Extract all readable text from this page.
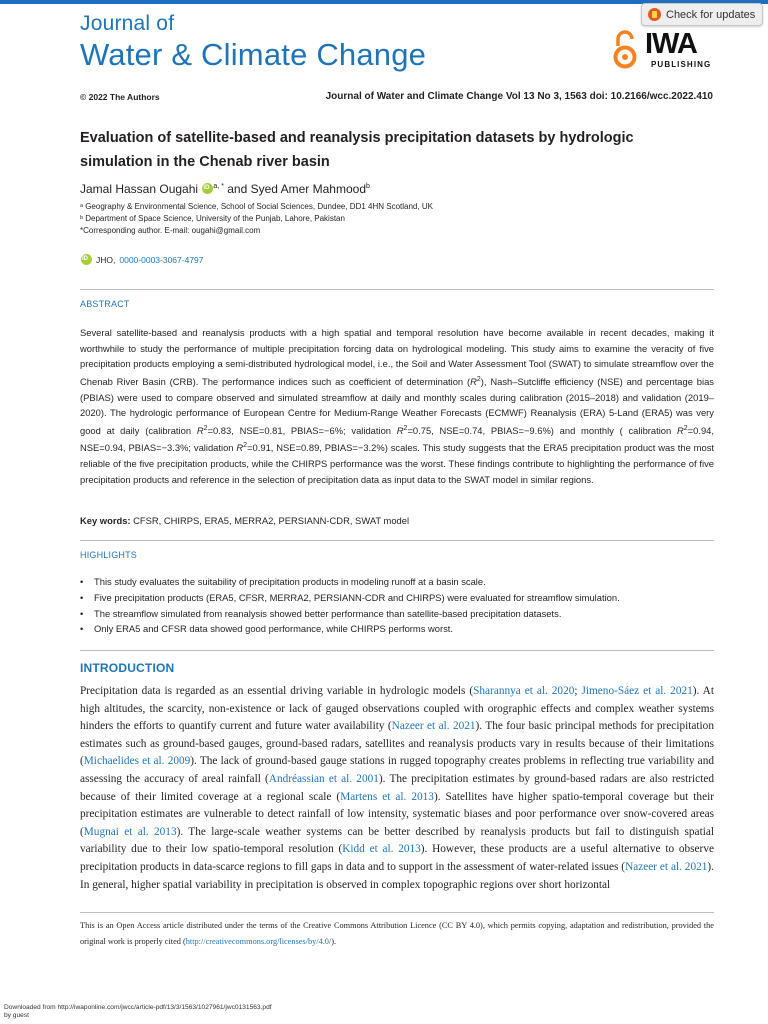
Journal of
Water & Climate Change
Check for updates
IWA
PUBLISHING
© 2022 The Authors	Journal of Water and Climate Change Vol 13 No 3, 1563 doi: 10.2166/wcc.2022.410
Evaluation of satellite-based and reanalysis precipitation datasets by hydrologic
simulation in the Chenab river basin
Jamal Hassan Ougahi iD $^{a, *}$ and Syed Amer Mahmood$^b$
ᵃ Geography & Environmental Science, School of Social Sciences, Dundee, DD1 4HN Scotland, UK
ᵇ Department of Space Science, University of the Punjab, Lahore, Pakistan
*Corresponding author. E-mail: ougahi@gmail.com
iD
JHO, 0000-0003-3067-4797
ABSTRACT
Several satellite-based and reanalysis products with a high spatial and temporal resolution have become available in recent decades, making it worthwhile to study the performance of multiple precipitation forcing data on hydrological modeling. This study aims to examine the veracity of five precipitation products employing a semi-distributed hydrological model, i.e., the Soil and Water Assessment Tool (SWAT) to simulate streamflow over the Chenab River Basin (CRB). The performance indices such as coefficient of determination $(R^2)$, Nash–Sutcliffe efficiency (NSE) and percentage bias (PBIAS) were used to compare observed and simulated streamflow at daily and monthly scales during calibration (2015–2018) and validation (2019–2020). The hydrologic performance of European Centre for Medium-Range Weather Forecasts (ECMWF) Reanalysis (ERA) 5-Land (ERA5) was very good at daily (calibration $R^2=0.83$, NSE=0.81, PBIAS=−6%; validation $R^2=0.75$, NSE=0.74, PBIAS=−9.6%) and monthly ( calibration $R^2=0.94$, NSE=0.94, PBIAS=−3.3%; validation $R^2=0.91$, NSE=0.89, PBIAS=−3.2%) scales. This study suggests that the ERA5 precipitation product was the most reliable of the five precipitation products, while the CHIRPS performance was the worst. These findings contribute to highlighting the performance of five precipitation products and reference in the selection of precipitation data as input data to the SWAT model in similar regions.
Key words: CFSR, CHIRPS, ERA5, MERRA2, PERSIANN-CDR, SWAT model
HIGHLIGHTS
• This study evaluates the suitability of precipitation products in modeling runoff at a basin scale.
• Five precipitation products (ERA5, CFSR, MERRA2, PERSIANN-CDR and CHIRPS) were evaluated for streamflow simulation.
• The streamflow simulated from reanalysis showed better performance than satellite-based precipitation datasets.
• Only ERA5 and CFSR data showed good performance, while CHIRPS performs worst.
INTRODUCTION
Precipitation data is regarded as an essential driving variable in hydrologic models (Sharannya et al. 2020; Jimeno-Sáez et al. 2021). At high altitudes, the scarcity, non-existence or lack of gauged observations coupled with orographic effects and complex weather systems hinders the efforts to quantify current and future water availability (Nazeer et al. 2021). The four basic principal methods for precipitation estimates such as ground-based gauges, ground-based radars, satellites and reanalysis products vary in results because of their limitations (Michaelides et al. 2009). The lack of ground-based gauge stations in rugged topography creates problems in reflecting true variability and assessing the accuracy of areal rainfall (Andréassian et al. 2001). The precipitation estimates by ground-based radars are also restricted because of their limited coverage at a regional scale (Martens et al. 2013). Satellites have higher spatio-temporal coverage but their precipitation estimates are vulnerable to detect rainfall of low intensity, systematic biases and poor performance over snow-covered areas (Mugnai et al. 2013). The large-scale weather systems can be better described by reanalysis products but fail to distinguish spatial variability due to their low spatio-temporal resolution (Kidd et al. 2013). However, these products are a useful alternative to observe precipitation products in data-scarce regions to fill gaps in data and to support in the assessment of water-related issues (Nazeer et al. 2021). In general, higher spatial variability in precipitation is observed in complex topographic regions over short horizontal
This is an Open Access article distributed under the terms of the Creative Commons Attribution Licence (CC BY 4.0), which permits copying, adaptation and redistribution, provided the original work is properly cited (http://creativecommons.org/licenses/by/4.0/).
Downloaded from http://iwaponline.com/jwcc/article-pdf/13/3/1563/1027961/jwc0131563.pdf
by guest
